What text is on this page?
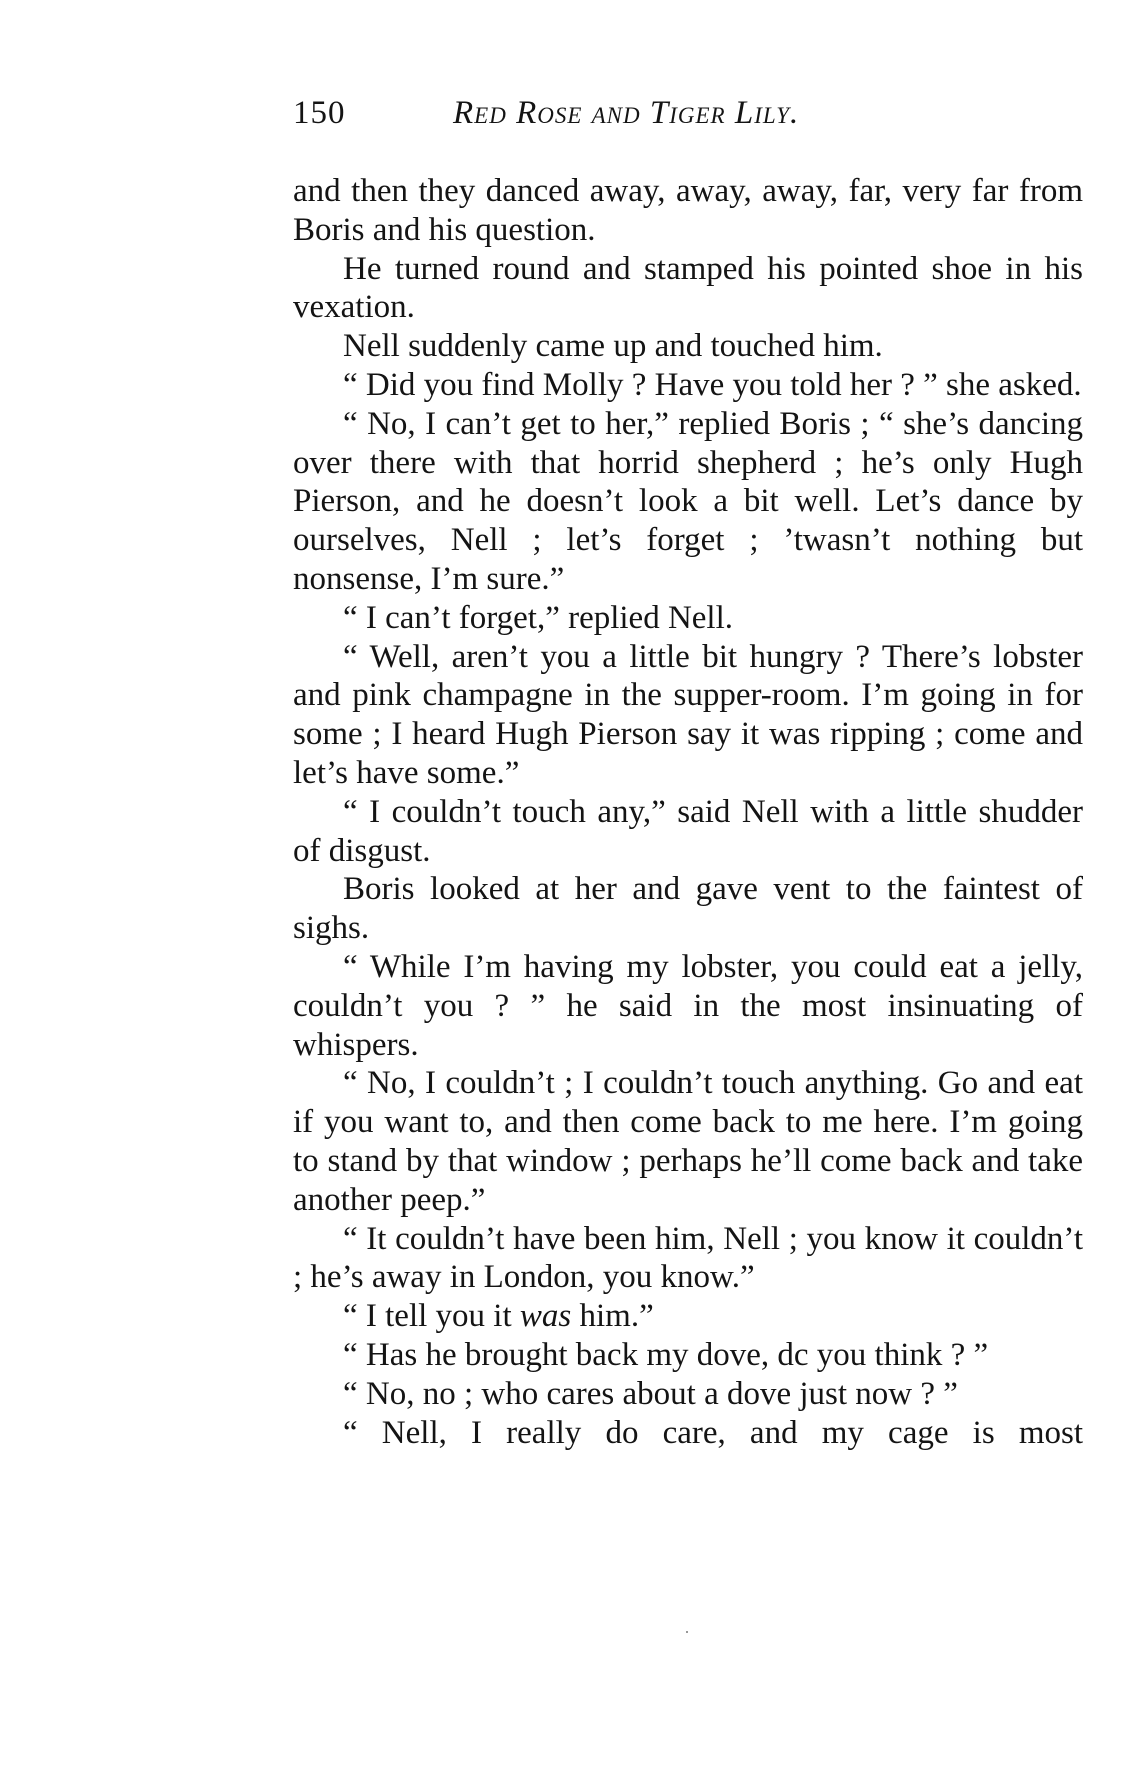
150	Red Rose and Tiger Lily.

and then they danced away, away, away, far, very far from Boris and his question.

He turned round and stamped his pointed shoe in his vexation.

Nell suddenly came up and touched him.

“ Did you find Molly ? Have you told her ? ” she asked.

“ No, I can’t get to her,” replied Boris ; “ she’s dancing over there with that horrid shepherd ; he’s only Hugh Pierson, and he doesn’t look a bit well. Let’s dance by ourselves, Nell ; let’s forget ; ’twasn’t nothing but nonsense, I’m sure.”

“ I can’t forget,” replied Nell.

“ Well, aren’t you a little bit hungry ? There’s lobster and pink champagne in the supper-room. I’m going in for some ; I heard Hugh Pierson say it was ripping ; come and let’s have some.”

“ I couldn’t touch any,” said Nell with a little shudder of disgust.

Boris looked at her and gave vent to the faintest of sighs.

“ While I’m having my lobster, you could eat a jelly, couldn’t you ? ” he said in the most insinuating of whispers.

“ No, I couldn’t ; I couldn’t touch anything. Go and eat if you want to, and then come back to me here. I’m going to stand by that window ; perhaps he’ll come back and take another peep.”

“ It couldn’t have been him, Nell ; you know it couldn’t ; he’s away in London, you know.”

“ I tell you it was him.”

“ Has he brought back my dove, dc you think ? ”

“ No, no ; who cares about a dove just now ? ”

“ Nell, I really do care, and my cage is most
